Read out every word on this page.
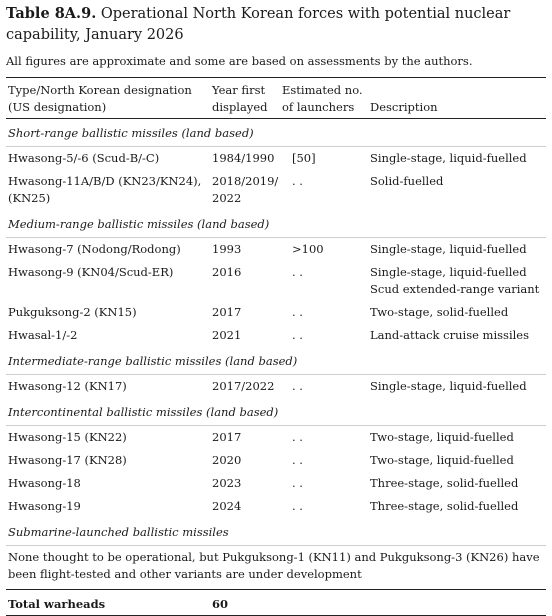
Table 8A.9. Operational North Korean forces with potential nuclear capability, January 2026
All figures are approximate and some are based on assessments by the authors.
Type/North Korean designation (US designation)	Year first displayed	Estimated no. of launchers	Description
Short-range ballistic missiles (land based)			
Hwasong-5/-6 (Scud-B/-C)	1984/1990	[50]	Single-stage, liquid-fuelled
Hwasong-11A/B/D (KN23/KN24), (KN25)	2018/2019/ 2022	. .	Solid-fuelled
Medium-range ballistic missiles (land based)			
Hwasong-7 (Nodong/Rodong)	1993	>100	Single-stage, liquid-fuelled
Hwasong-9 (KN04/Scud-ER)	2016	. .	Single-stage, liquid-fuelled Scud extended-range variant
Pukguksong-2 (KN15)	2017	. .	Two-stage, solid-fuelled
Hwasal-1/-2	2021	. .	Land-attack cruise missiles
Intermediate-range ballistic missiles (land based)			
Hwasong-12 (KN17)	2017/2022	. .	Single-stage, liquid-fuelled
Intercontinental ballistic missiles (land based)			
Hwasong-15 (KN22)	2017	. .	Two-stage, liquid-fuelled
Hwasong-17 (KN28)	2020	. .	Two-stage, liquid-fuelled
Hwasong-18	2023	. .	Three-stage, solid-fuelled
Hwasong-19	2024	. .	Three-stage, solid-fuelled
Submarine-launched ballistic missiles			
None thought to be operational, but Pukguksong-1 (KN11) and Pukguksong-3 (KN26) have been flight-tested and other variants are under development			
Total warheads	60		
